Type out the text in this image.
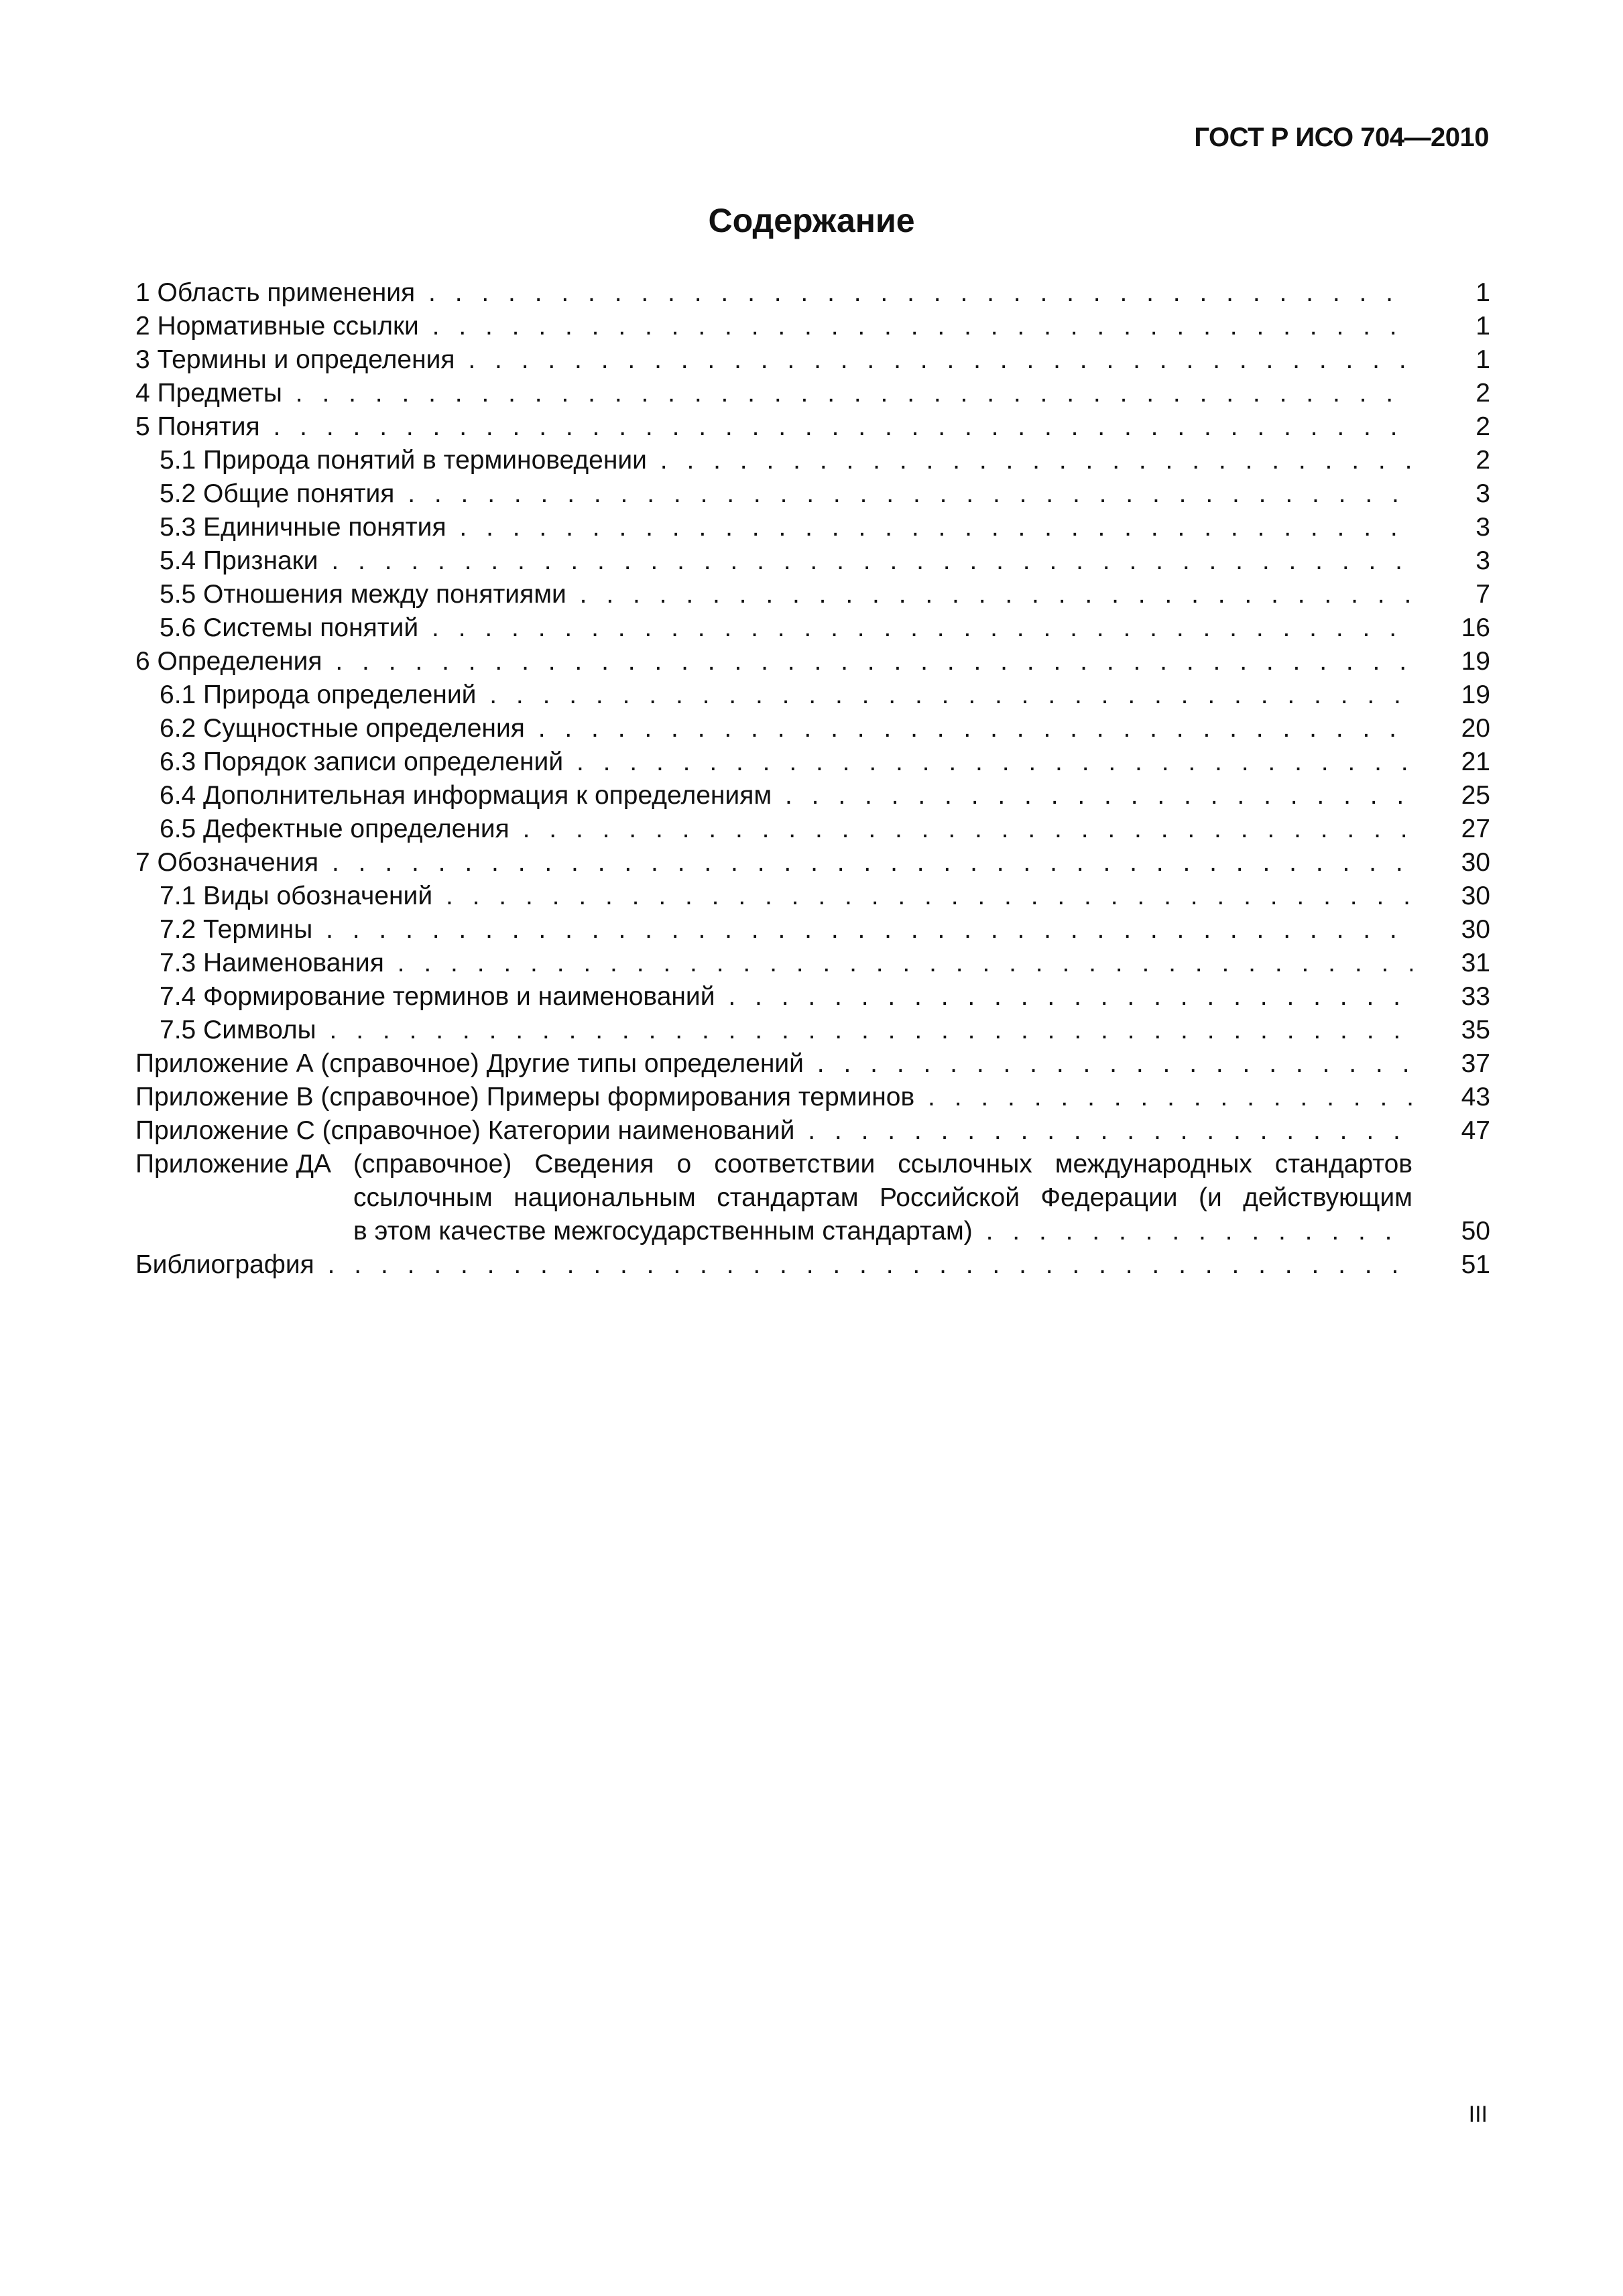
ГОСТ Р ИСО 704—2010
Содержание
1 Область применения . . .	1
2 Нормативные ссылки . . .	1
3 Термины и определения . . .	1
4 Предметы . . .	2
5 Понятия . . .	2
5.1 Природа понятий в терминоведении . . .	2
5.2 Общие понятия . . .	3
5.3 Единичные понятия . . .	3
5.4 Признаки . . .	3
5.5 Отношения между понятиями . . .	7
5.6 Системы понятий . . .	16
6 Определения . . .	19
6.1 Природа определений . . .	19
6.2 Сущностные определения . . .	20
6.3 Порядок записи определений . . .	21
6.4 Дополнительная информация к определениям . . .	25
6.5 Дефектные определения . . .	27
7 Обозначения . . .	30
7.1 Виды обозначений . . .	30
7.2 Термины . . .	30
7.3 Наименования . . .	31
7.4 Формирование терминов и наименований . . .	33
7.5 Символы . . .	35
Приложение А (справочное) Другие типы определений . . .	37
Приложение В (справочное) Примеры формирования терминов . . .	43
Приложение С (справочное) Категории наименований . . .	47
Приложение ДА (справочное) Сведения о соответствии ссылочных международных стандартов
ссылочным национальным стандартам Российской Федерации (и действующим
в этом качестве межгосударственным стандартам) . . .	50
Библиография . . .	51
III
